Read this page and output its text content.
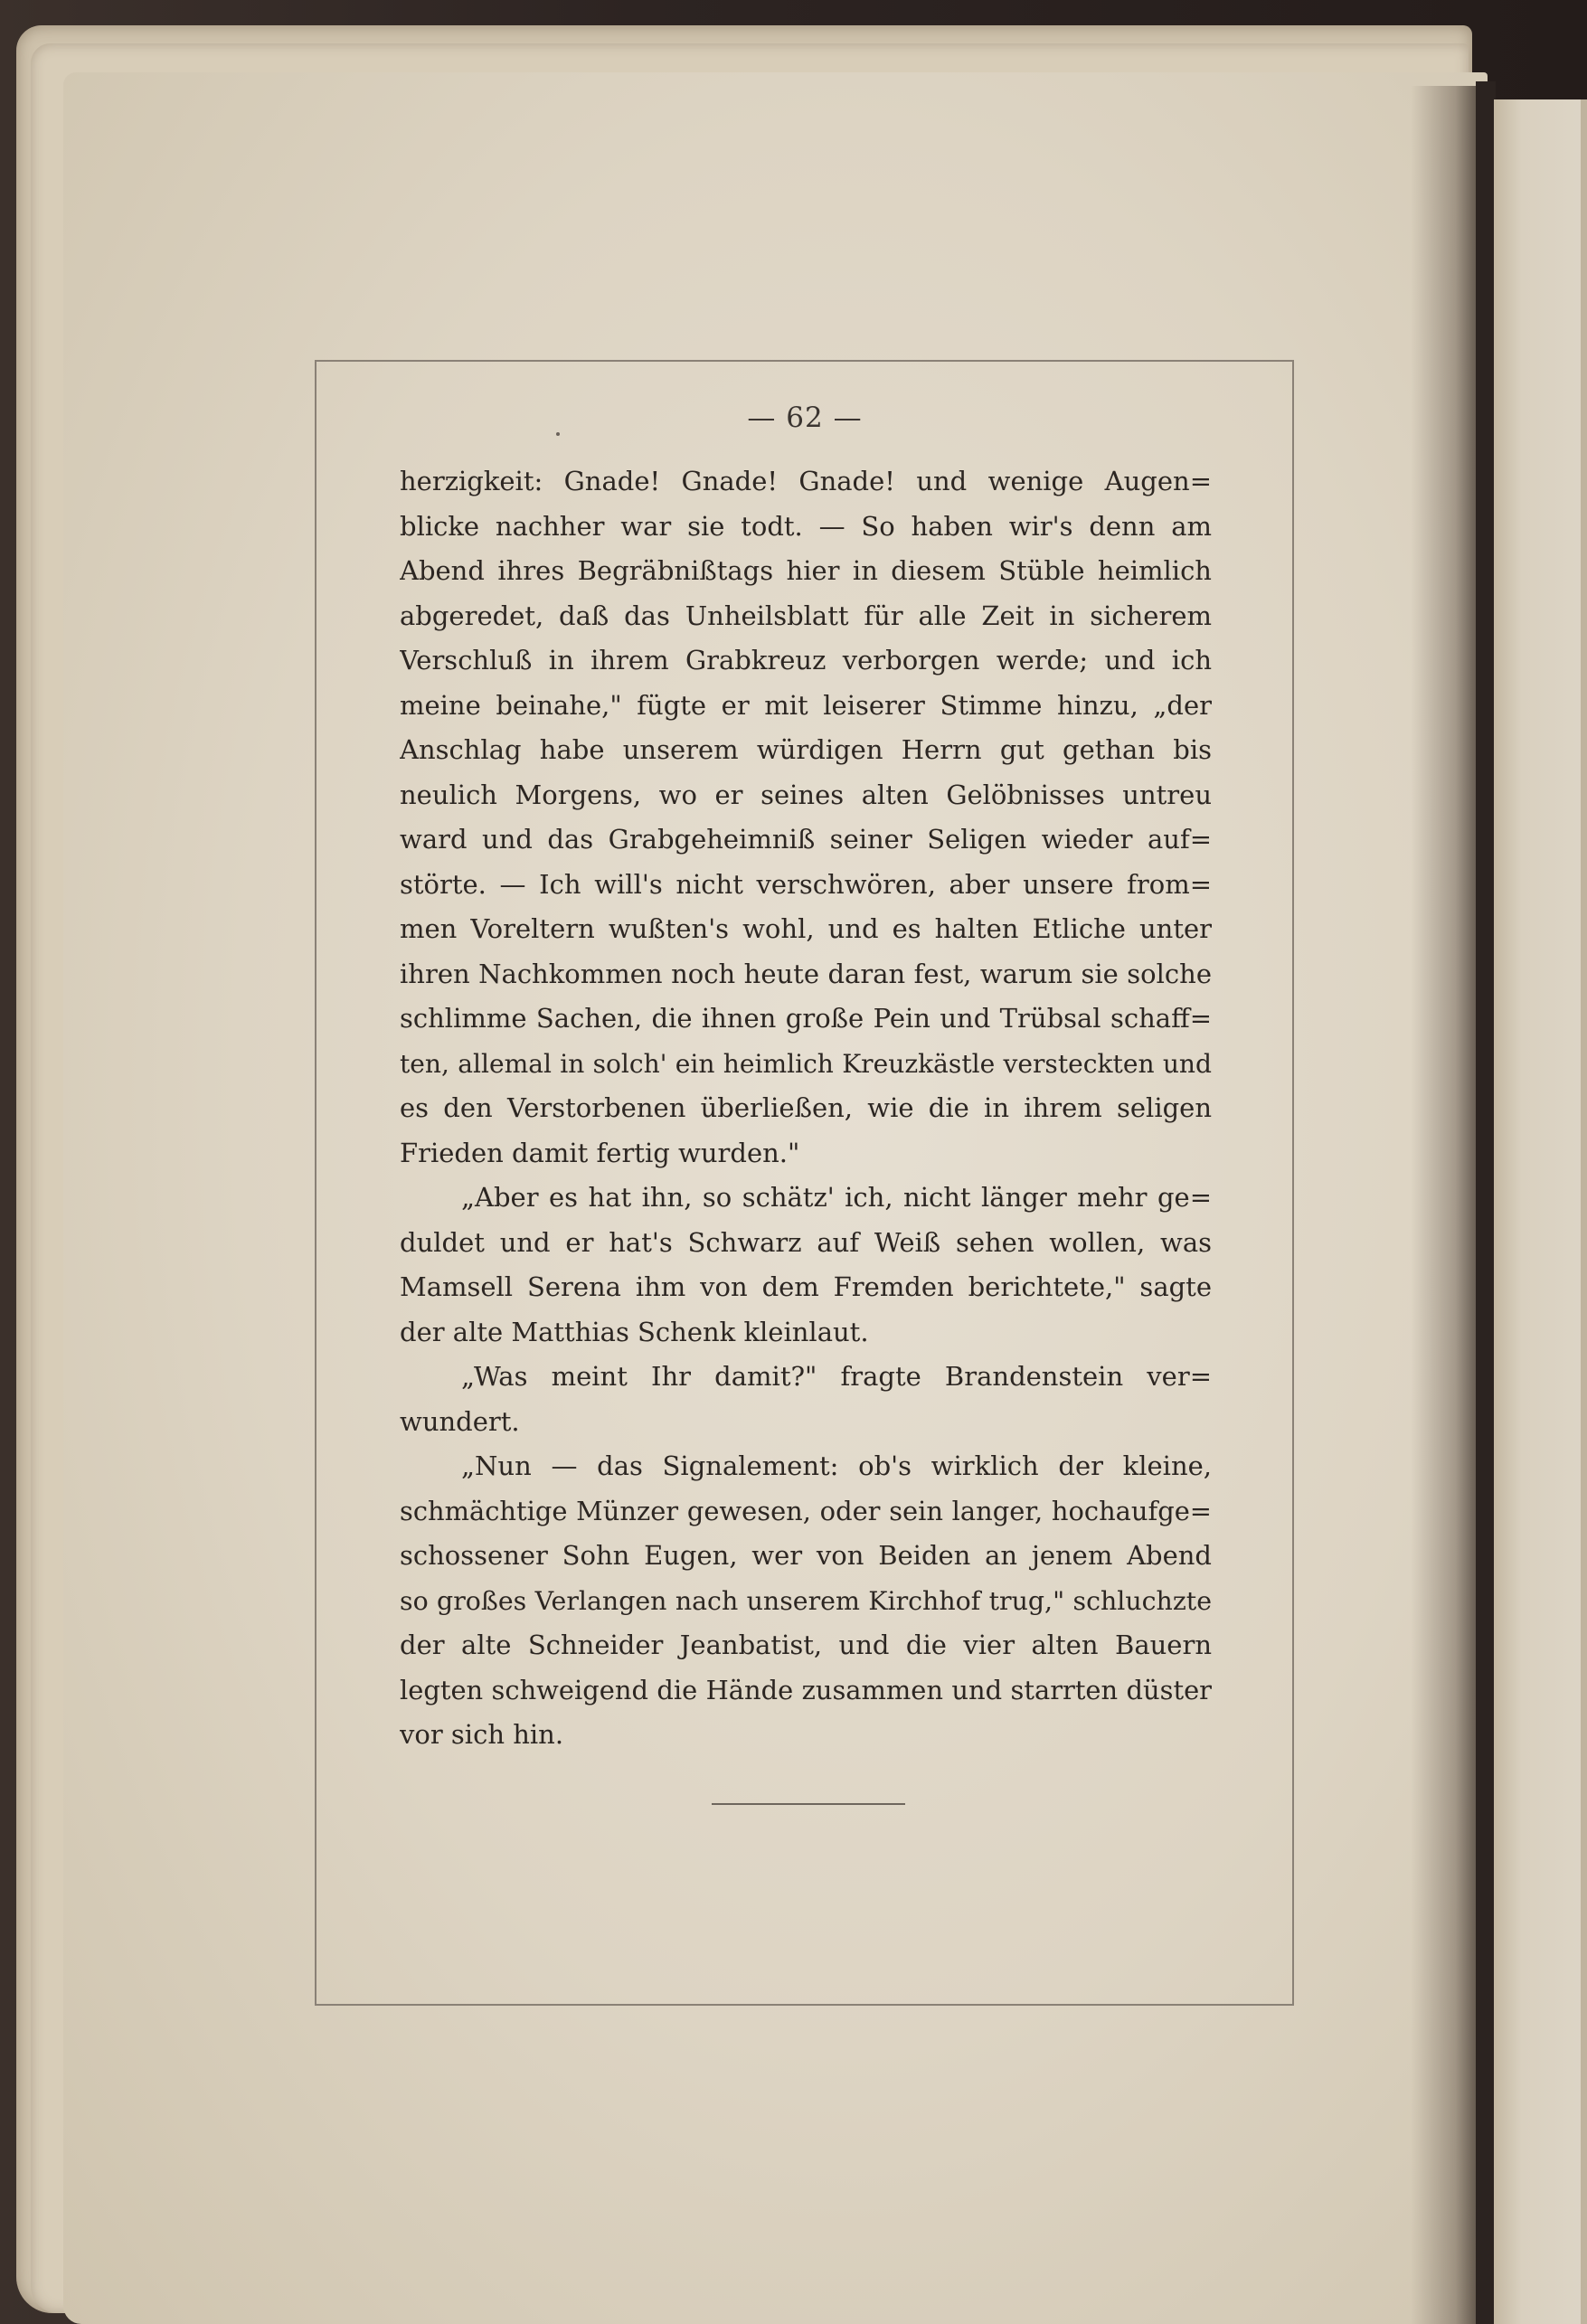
— 62 —
herzigkeit: Gnade! Gnade! Gnade! und wenige Augen=
blicke nachher war sie todt. — So haben wir's denn am
Abend ihres Begräbnißtags hier in diesem Stüble heimlich
abgeredet, daß das Unheilsblatt für alle Zeit in sicherem
Verschluß in ihrem Grabkreuz verborgen werde; und ich
meine beinahe," fügte er mit leiserer Stimme hinzu, „der
Anschlag habe unserem würdigen Herrn gut gethan bis
neulich Morgens, wo er seines alten Gelöbnisses untreu
ward und das Grabgeheimniß seiner Seligen wieder auf=
störte. — Ich will's nicht verschwören, aber unsere from=
men Voreltern wußten's wohl, und es halten Etliche unter
ihren Nachkommen noch heute daran fest, warum sie solche
schlimme Sachen, die ihnen große Pein und Trübsal schaff=
ten, allemal in solch' ein heimlich Kreuzkästle versteckten und
es den Verstorbenen überließen, wie die in ihrem seligen
Frieden damit fertig wurden."
„Aber es hat ihn, so schätz' ich, nicht länger mehr ge=
duldet und er hat's Schwarz auf Weiß sehen wollen, was
Mamsell Serena ihm von dem Fremden berichtete," sagte
der alte Matthias Schenk kleinlaut.
„Was meint Ihr damit?" fragte Brandenstein ver=
wundert.
„Nun — das Signalement: ob's wirklich der kleine,
schmächtige Münzer gewesen, oder sein langer, hochaufge=
schossener Sohn Eugen, wer von Beiden an jenem Abend
so großes Verlangen nach unserem Kirchhof trug," schluchzte
der alte Schneider Jeanbatist, und die vier alten Bauern
legten schweigend die Hände zusammen und starrten düster
vor sich hin.
